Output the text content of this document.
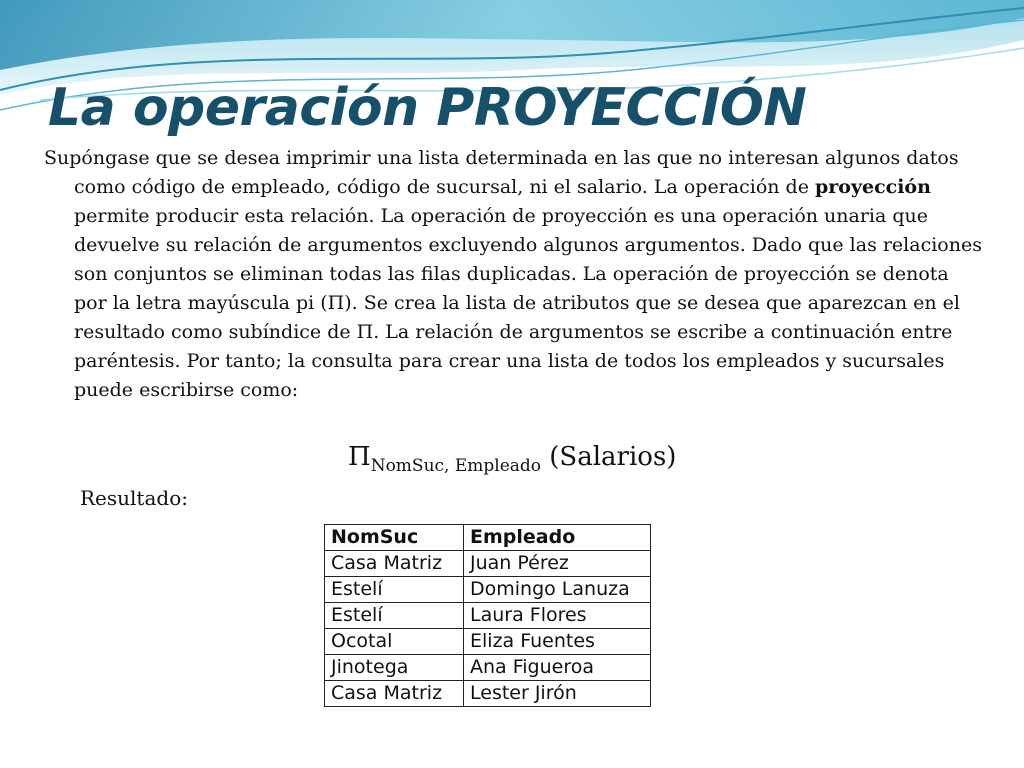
La operación PROYECCIÓN

Supóngase que se desea imprimir una lista determinada en las que no interesan algunos datos como código de empleado, código de sucursal, ni el salario. La operación de proyección permite producir esta relación. La operación de proyección es una operación unaria que devuelve su relación de argumentos excluyendo algunos argumentos. Dado que las relaciones son conjuntos se eliminan todas las filas duplicadas. La operación de proyección se denota por la letra mayúscula pi (Π). Se crea la lista de atributos que se desea que aparezcan en el resultado como subíndice de Π. La relación de argumentos se escribe a continuación entre paréntesis. Por tanto; la consulta para crear una lista de todos los empleados y sucursales puede escribirse como:

$\Pi_{NomSuc, Empleado}$ (Salarios)
Resultado:
NomSuc	Empleado
Casa Matriz	Juan Pérez
Estelí	Domingo Lanuza
Estelí	Laura Flores
Ocotal	Eliza Fuentes
Jinotega	Ana Figueroa
Casa Matriz	Lester Jirón
